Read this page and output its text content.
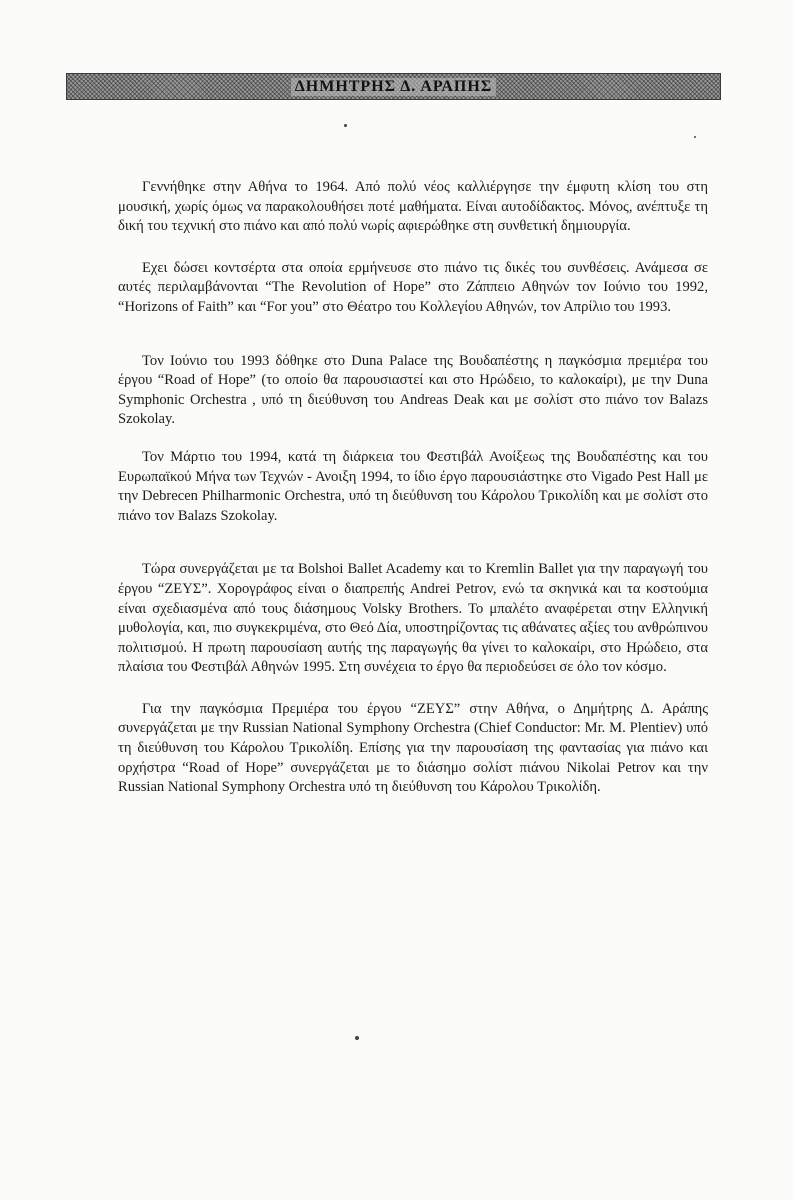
ΔΗΜΗΤΡΗΣ Δ. ΑΡΑΠΗΣ

Γεννήθηκε στην Αθήνα το 1964. Από πολύ νέος καλλιέργησε την έμφυτη κλίση του στη μουσική, χωρίς όμως να παρακολουθήσει ποτέ μαθήματα. Είναι αυτοδίδακτος. Μόνος, ανέπτυξε τη δική του τεχνική στο πιάνο και από πολύ νωρίς αφιερώθηκε στη συνθετική δημιουργία.

Εχει δώσει κοντσέρτα στα οποία ερμήνευσε στο πιάνο τις δικές του συνθέσεις. Ανάμεσα σε αυτές περιλαμβάνονται “The Revolution of Hope” στο Ζάππειο Αθηνών τον Ιούνιο του 1992, “Horizons of Faith” και “For you” στο Θέατρο του Κολλεγίου Αθηνών, τον Απρίλιο του 1993.

Τον Ιούνιο του 1993 δόθηκε στο Duna Palace της Βουδαπέστης η παγκόσμια πρεμιέρα του έργου “Road of Hope” (το οποίο θα παρουσιαστεί και στο Ηρώδειο, το καλοκαίρι), με την Duna Symphonic Orchestra , υπό τη διεύθυνση του Andreas Deak και με σολίστ στο πιάνο τον Balazs Szokolay.

Τον Μάρτιο του 1994, κατά τη διάρκεια του Φεστιβάλ Ανοίξεως της Βουδαπέστης και του Ευρωπαϊκού Μήνα των Τεχνών - Ανοιξη 1994, το ίδιο έργο παρουσιάστηκε στο Vigado Pest Hall με την Debrecen Philharmonic Orchestra, υπό τη διεύθυνση του Κάρολου Τρικολίδη και με σολίστ στο πιάνο τον Balazs Szokolay.

Τώρα συνεργάζεται με τα Bolshoi Ballet Academy και το Kremlin Ballet για την παραγωγή του έργου “ΖΕΥΣ”. Χορογράφος είναι ο διαπρεπής Andrei Petrov, ενώ τα σκηνικά και τα κοστούμια είναι σχεδιασμένα από τους διάσημους Volsky Brothers. Το μπαλέτο αναφέρεται στην Ελληνική μυθολογία, και, πιο συγκεκριμένα, στο Θεό Δία, υποστηρίζοντας τις αθάνατες αξίες του ανθρώπινου πολιτισμού. Η πρωτη παρουσίαση αυτής της παραγωγής θα γίνει το καλοκαίρι, στο Ηρώδειο, στα πλαίσια του Φεστιβάλ Αθηνών 1995. Στη συνέχεια το έργο θα περιοδεύσει σε όλο τον κόσμο.

Για την παγκόσμια Πρεμιέρα του έργου “ΖΕΥΣ” στην Αθήνα, ο Δημήτρης Δ. Αράπης συνεργάζεται με την Russian National Symphony Orchestra (Chief Conductor: Mr. M. Plentiev) υπό τη διεύθυνση του Κάρολου Τρικολίδη. Επίσης για την παρουσίαση της φαντασίας για πιάνο και ορχήστρα “Road of Hope” συνεργάζεται με το διάσημο σολίστ πιάνου Nikolai Petrov και την Russian National Symphony Orchestra υπό τη διεύθυνση του Κάρολου Τρικολίδη.
